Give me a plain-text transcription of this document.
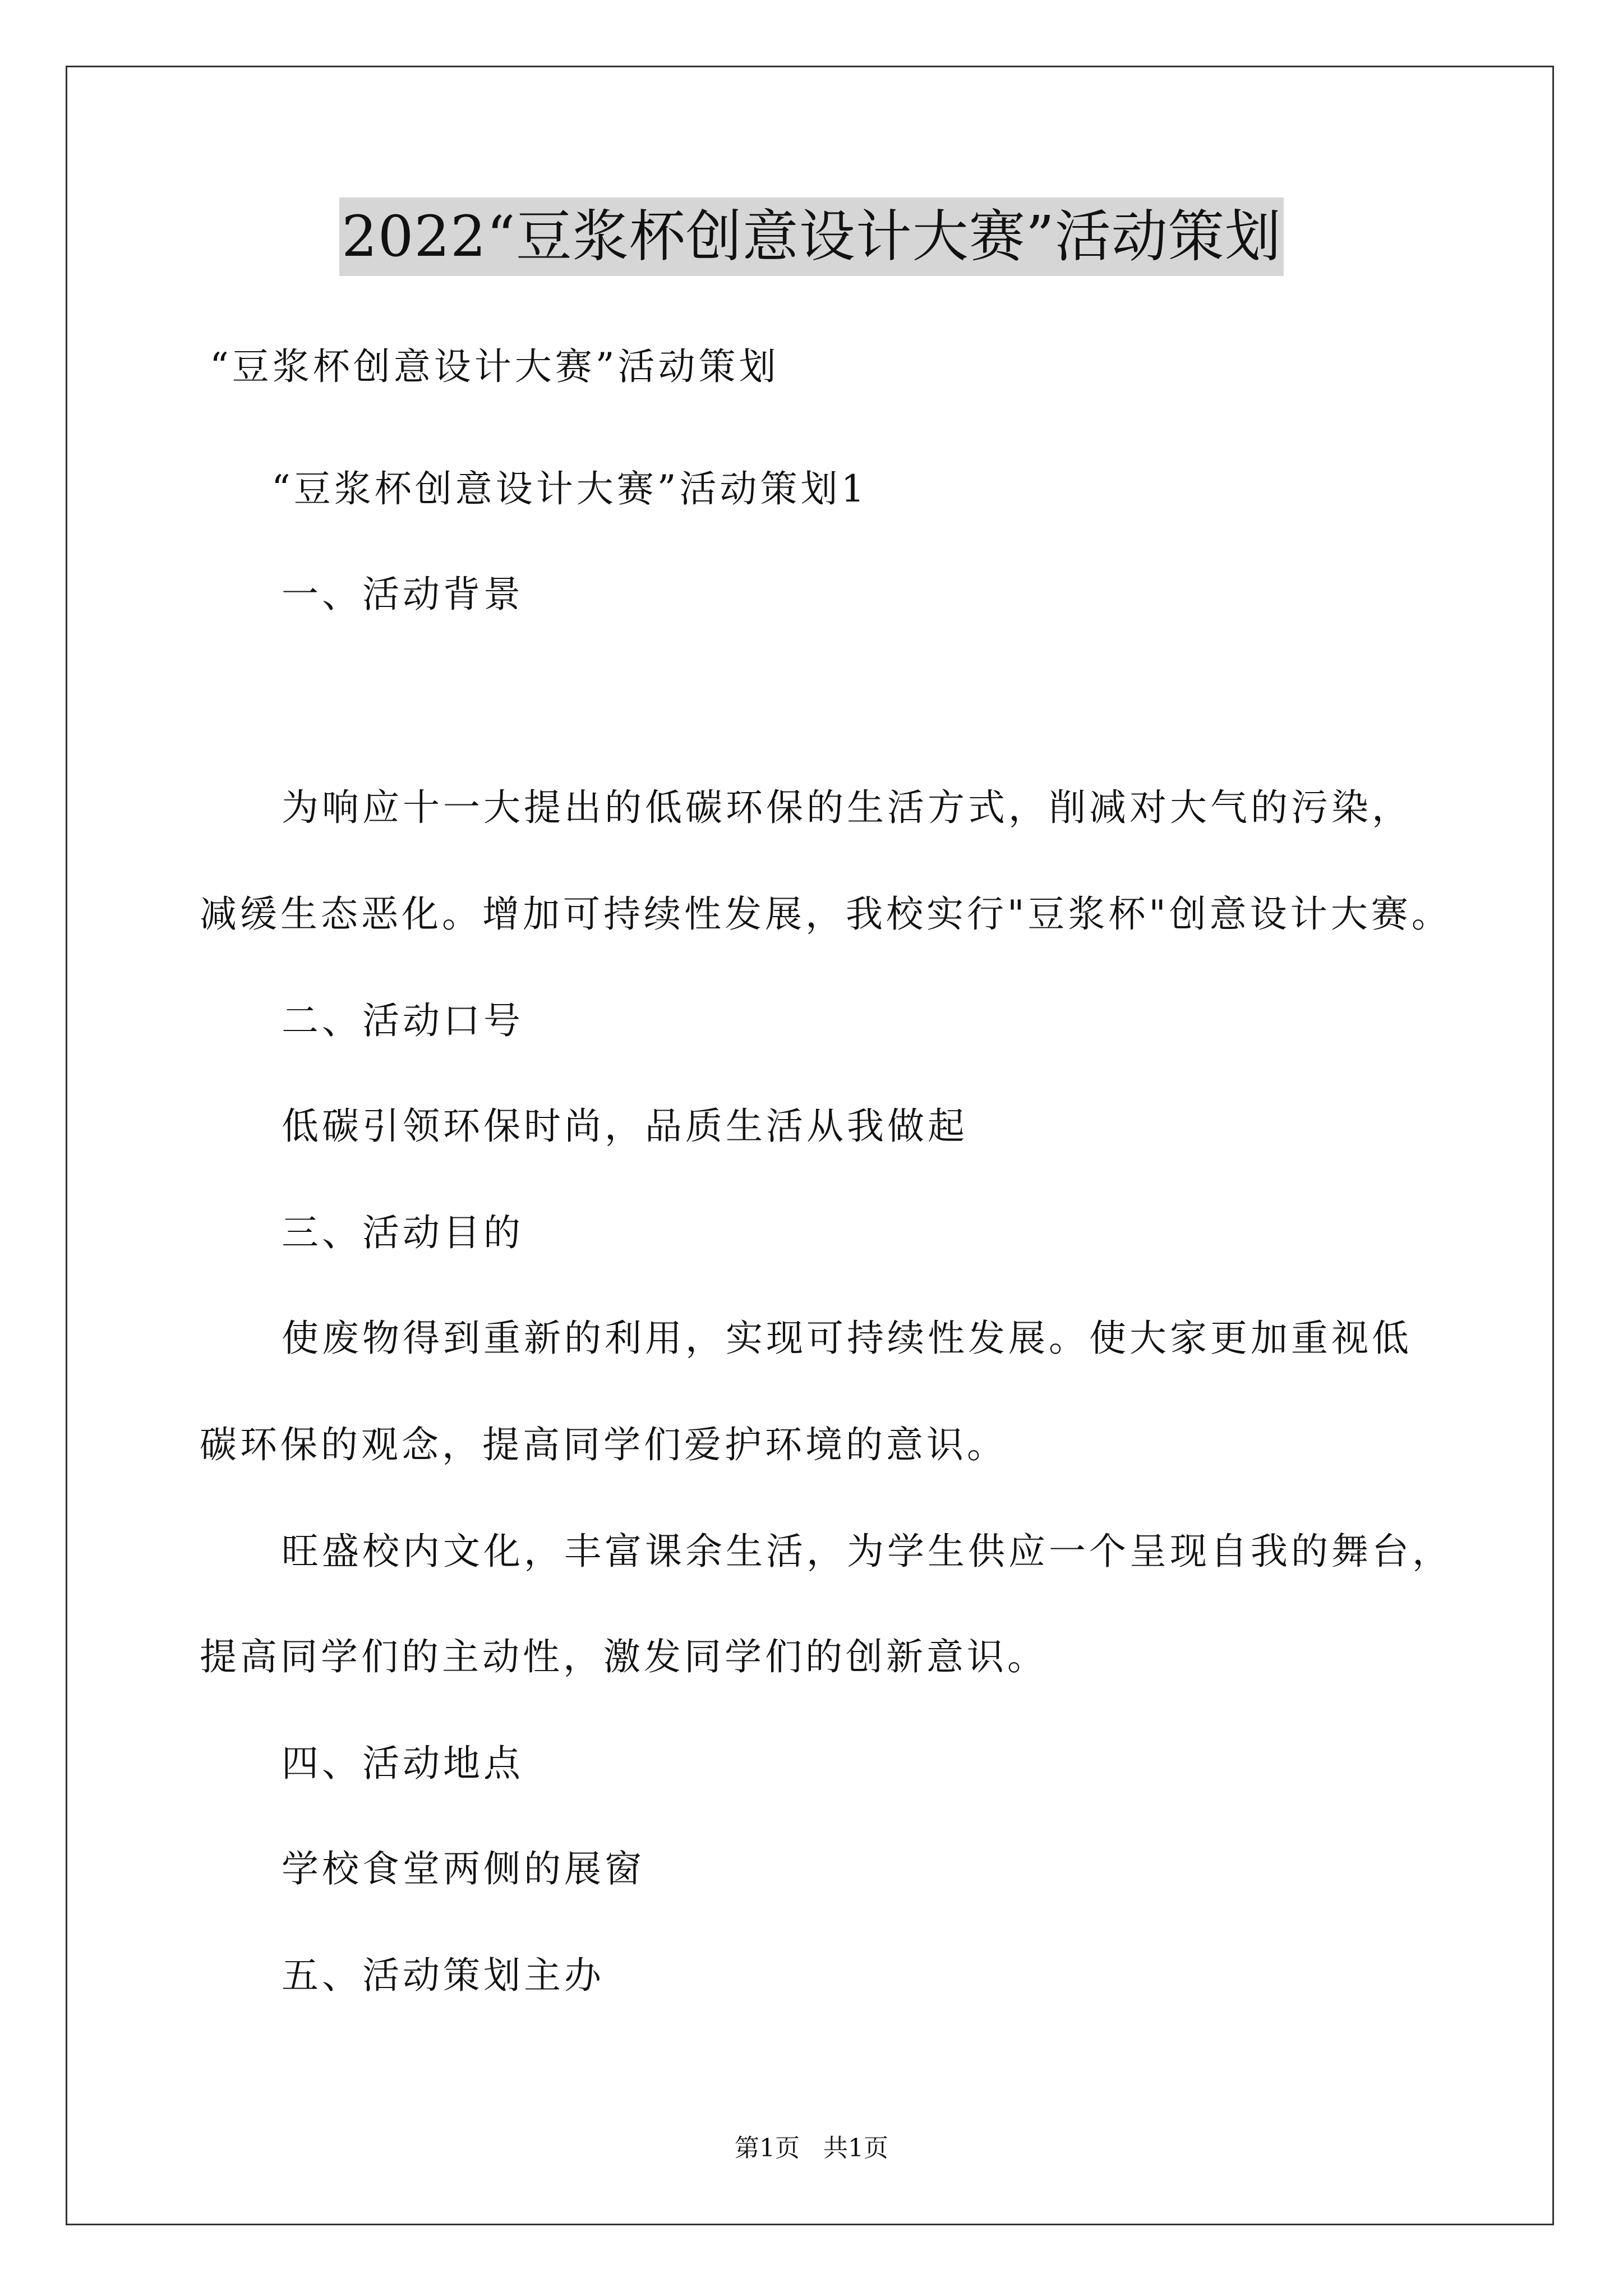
2022“豆浆杯创意设计大赛”活动策划
“豆浆杯创意设计大赛”活动策划
“豆浆杯创意设计大赛”活动策划1
一、活动背景
为响应十一大提出的低碳环保的生活方式，削减对大气的污染，
减缓生态恶化。增加可持续性发展，我校实行"豆浆杯"创意设计大赛。
二、活动口号
低碳引领环保时尚，品质生活从我做起
三、活动目的
使废物得到重新的利用，实现可持续性发展。使大家更加重视低
碳环保的观念，提高同学们爱护环境的意识。
旺盛校内文化，丰富课余生活，为学生供应一个呈现自我的舞台，
提高同学们的主动性，激发同学们的创新意识。
四、活动地点
学校食堂两侧的展窗
五、活动策划主办
第1页   共1页
